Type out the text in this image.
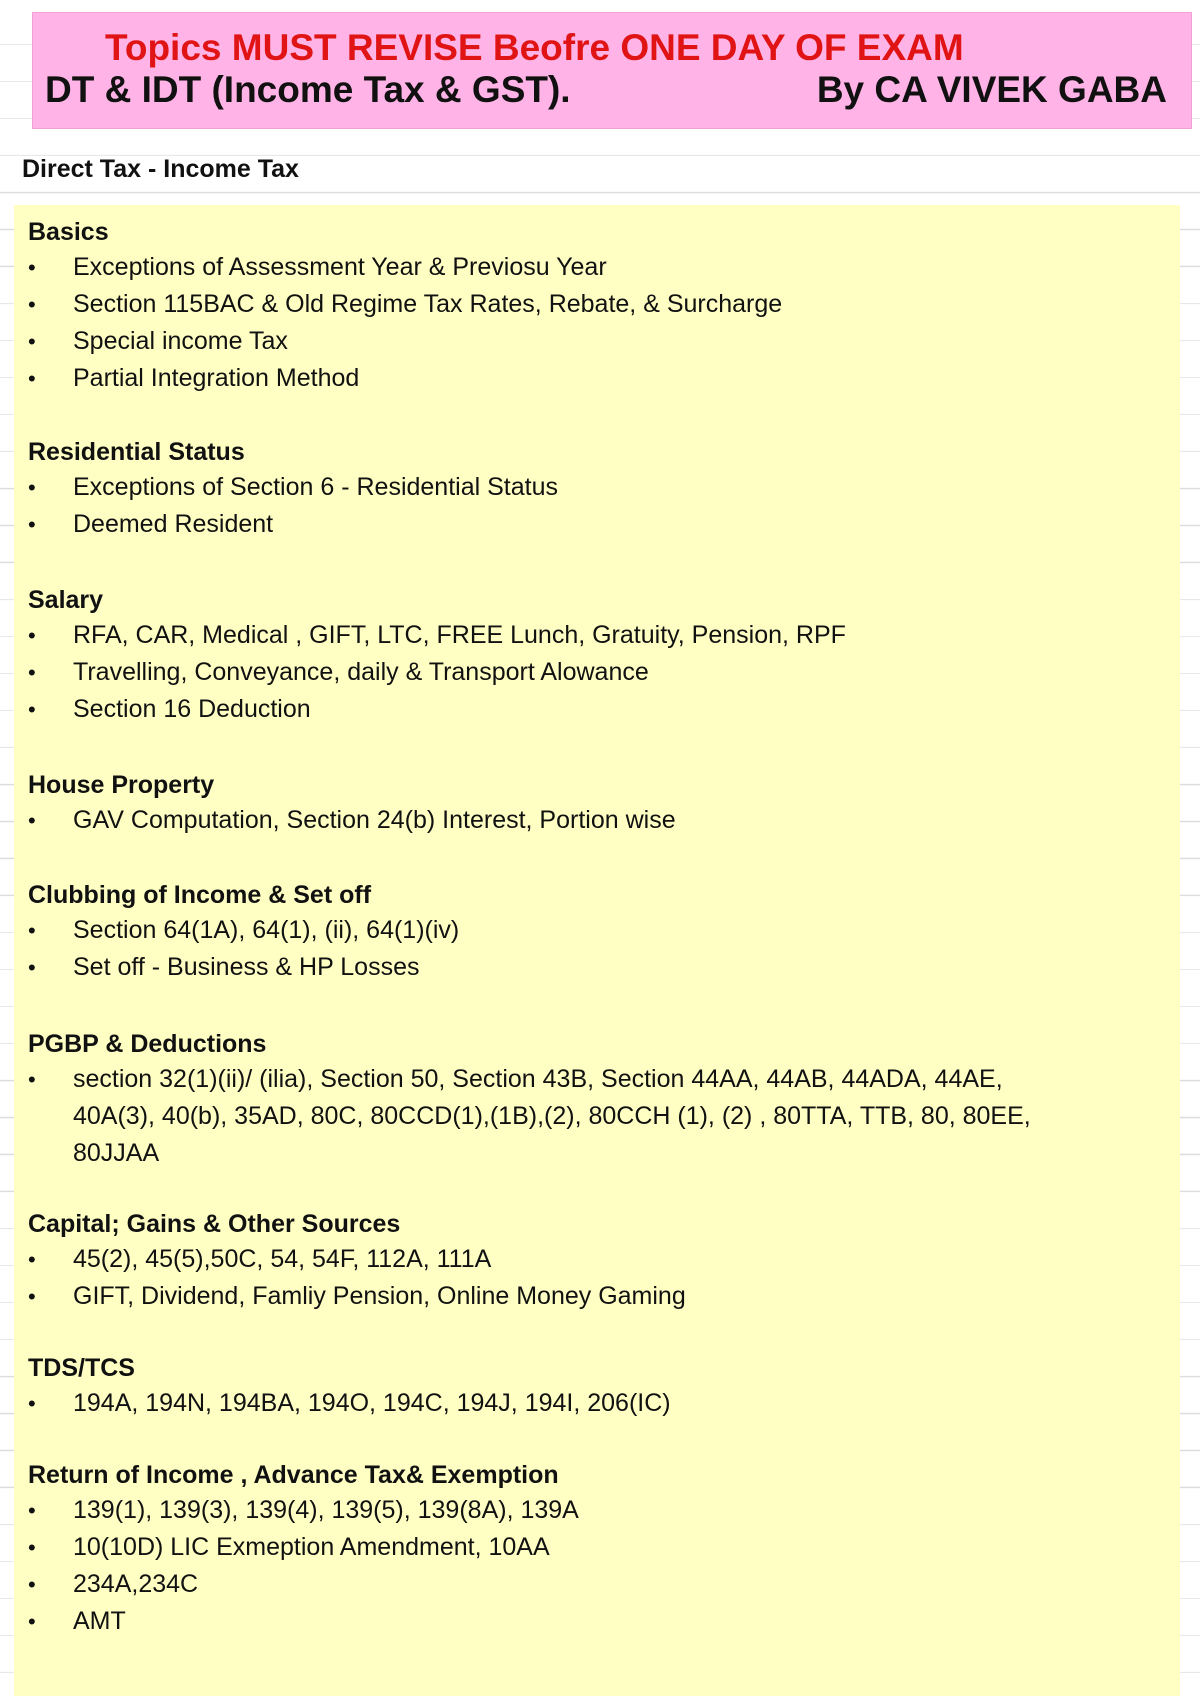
Topics MUST REVISE Beofre ONE DAY OF EXAM
DT & IDT (Income Tax & GST).	By CA VIVEK GABA
Direct Tax - Income Tax
Basics
•	Exceptions of Assessment Year & Previosu Year
•	Section 115BAC & Old Regime Tax Rates, Rebate, & Surcharge
•	Special income Tax
•	Partial Integration Method
Residential Status
•	Exceptions of Section 6 - Residential Status
•	Deemed Resident
Salary
•	RFA, CAR, Medical , GIFT, LTC, FREE Lunch, Gratuity, Pension, RPF
•	Travelling, Conveyance, daily & Transport Alowance
•	Section 16 Deduction
House Property
•	GAV Computation, Section 24(b) Interest, Portion wise
Clubbing of Income & Set off
•	Section 64(1A), 64(1), (ii), 64(1)(iv)
•	Set off - Business & HP Losses
PGBP & Deductions
•	section 32(1)(ii)/ (ilia), Section 50, Section 43B, Section 44AA, 44AB, 44ADA, 44AE,
40A(3), 40(b), 35AD, 80C, 80CCD(1),(1B),(2), 80CCH (1), (2) , 80TTA, TTB, 80, 80EE,
80JJAA
Capital; Gains & Other Sources
•	45(2), 45(5),50C, 54, 54F, 112A, 111A
•	GIFT, Dividend, Famliy Pension, Online Money Gaming
TDS/TCS
•	194A, 194N, 194BA, 194O, 194C, 194J, 194I, 206(IC)
Return of Income , Advance Tax& Exemption
•	139(1), 139(3), 139(4), 139(5), 139(8A), 139A
•	10(10D) LIC Exmeption Amendment, 10AA
•	234A,234C
•	AMT
